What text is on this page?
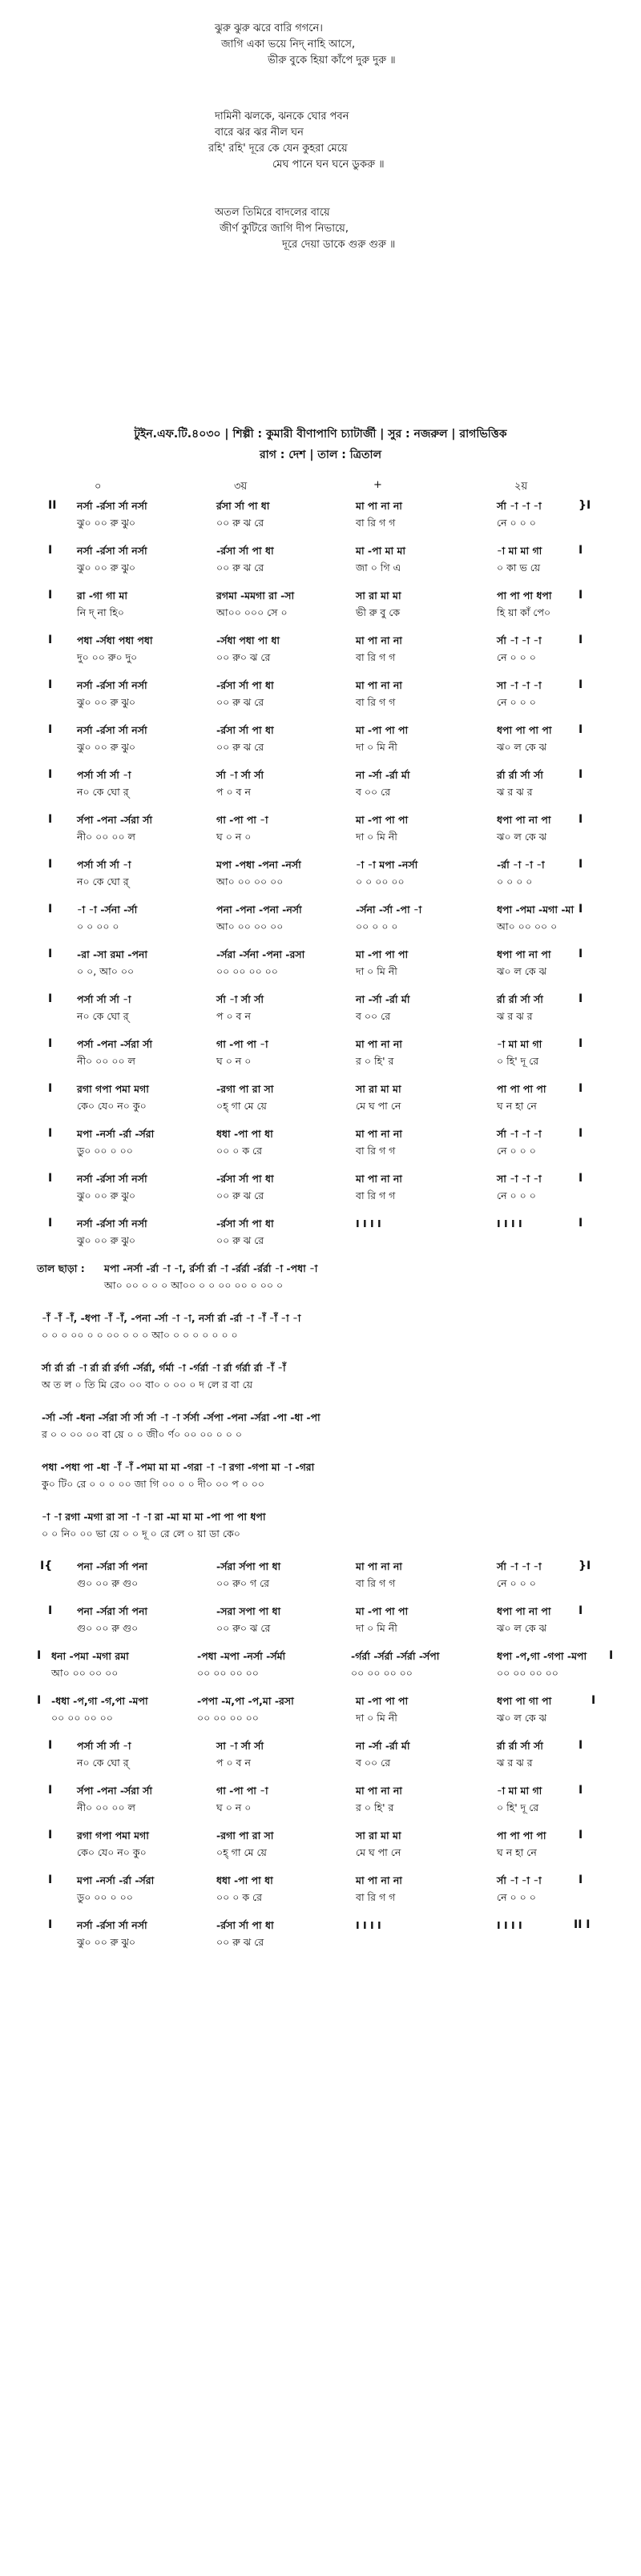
ঝুরু ঝুরু ঝরে বারি গগনে।
জাগি একা ভয়ে নিদ্ নাহি আসে,
ভীরু বুকে হিয়া কাঁপে দুরু দুরু ॥
দামিনী ঝলকে, ঝনকে ঘোর পবন
বারে ঝর ঝর নীল ঘন
রহি' রহি' দূরে কে যেন কুহরা মেয়ে
মেঘ পানে ঘন ঘনে ডুকরু ॥
অতল তিমিরে বাদলের বায়ে
জীর্ণ কুটিরে জাগি দীপ নিভায়ে,
দূরে দেয়া ডাকে গুরু গুরু ॥
টুইন.এফ.টি.৪০৩০ | শিল্পী : কুমারী বীণাপাণি চ্যাটার্জী | সুর : নজরুল | রাগভিত্তিক
রাগ : দেশ | তাল : ত্রিতাল
০	৩য়	+	২য়
II নর্সা -র্রসা র্সা নর্সা	র্রসা র্সা পা ধা	মা পা না না	র্সা -া -া -া	}I
ঝু০ ০০ রু ঝু০	০০ রু ঝ রে	বা রি গ গ	নে ০ ০ ০
I নর্সা -র্রসা র্সা নর্সা	-র্রসা র্সা পা ধা	মা -পা মা মা	-া মা মা গা	I
ঝু০ ০০ রু ঝু০	০০ রু ঝ রে	জা ০ গি এ	০ কা ভ য়ে
I রা -গা গা মা	রগমা -মমগা রা -সা	সা রা মা মা	পা পা পা ধপা I
নি দ্ না হি০	আ০০ ০০০ সে ০	ভী রু বু কে	হি য়া কাঁ পে০
I পধা -র্সধা পধা পধা	-র্সধা পধা পা ধা	মা পা না না	র্সা -া -া -া	I
দু০ ০০ রু০ দু০	০০ রু০ ঝ রে	বা রি গ গ	নে ০ ০ ০
I নর্সা -র্রসা র্সা নর্সা	-র্রসা র্সা পা ধা	মা পা না না	সা -া -া -া	I
ঝু০ ০০ রু ঝু০	০০ রু ঝ রে	বা রি গ গ	নে ০ ০ ০
I নর্সা -র্রসা র্সা নর্সা	-র্রসা র্সা পা ধা	মা -পা পা পা	ধপা পা পা পা I
ঝু০ ০০ রু ঝু০	০০ রু ঝ রে	দা ০ মি নী	ঝ০ ল কে ঝ
I পর্সা র্সা র্সা -া	র্সা -া র্সা র্সা	না -র্সা -র্রা র্মা	র্রা র্রা র্সা র্সা	I
ন০ কে ঘো র্	প ০ ব ন	ব ০০ রে	ঝ র ঝ র
I র্সপা -পনা -র্সরা র্সা	গা -পা পা -া	মা -পা পা পা	ধপা পা না পা I
নী০ ০০ ০০ ল	ঘ ০ ন ০	দা ০ মি নী	ঝ০ ল কে ঝ
I পর্সা র্সা র্সা -া	মপা -পধা -পনা -নর্সা	-া -া মপা -নর্সা	-র্রা -া -া -া	I
ন০ কে ঘো র্	আ০ ০০ ০০ ০০	০ ০ ০০ ০০	০ ০ ০ ০
I -া -া -র্সনা -র্সা	পনা -পনা -পনা -নর্সা	-র্সনা -র্সা -পা -া	ধপা -পমা -মগা -মা I
০ ০ ০০ ০	আ০ ০০ ০০ ০০	০০ ০ ০ ০	আ০ ০০ ০০ ০
I -রা -সা রমা -পনা	-র্সরা -র্সনা -পনা -রসা	মা -পা পা পা	ধপা পা না পা I
০ ০, আ০ ০০	০০ ০০ ০০ ০০	দা ০ মি নী	ঝ০ ল কে ঝ
I পর্সা র্সা র্সা -া	র্সা -া র্সা র্সা	না -র্সা -র্রা র্মা	র্রা র্রা র্সা র্সা	I
ন০ কে ঘো র্	প ০ ব ন	ব ০০ রে	ঝ র ঝ র
I পর্সা -পনা -র্সরা র্সা	গা -পা পা -া	মা পা না না	-া মা মা গা	I
নী০ ০০ ০০ ল	ঘ ০ ন ০	র ০ হি' র	০ হি' দূ রে
I রগা গপা পমা মগা	-রগা পা রা সা	সা রা মা মা	পা পা পা পা	I
কে০ যে০ ন০ কু০	০হ্ গা মে য়ে	মে ঘ পা নে	ঘ ন হা নে
I মপা -নর্সা -র্রা -র্সরা	ধধা -পা পা ধা	মা পা না না	র্সা -া -া -া	I
ডু০ ০০ ০ ০০	০০ ০ ক রে	বা রি গ গ	নে ০ ০ ০
I নর্সা -র্রসা র্সা নর্সা	-র্রসা র্সা পা ধা	মা পা না না	সা -া -া -া	I
ঝু০ ০০ রু ঝু০	০০ রু ঝ রে	বা রি গ গ	নে ০ ০ ০
I নর্সা -র্রসা র্সা নর্সা	-র্রসা র্সা পা ধা	I I I I	I I I I	I
ঝু০ ০০ রু ঝু০	০০ রু ঝ রে
তাল ছাড়া : মপা -নর্সা -র্রা -া -া, র্রর্সা র্রা -া -র্রর্রা -র্রর্রা -া -পধা -া
আ০ ০০ ০ ০ ০ আ০০ ০ ০ ০০ ০০ ০ ০০ ০
-াঁ -াঁ -াঁ, -ধপা -াঁ -াঁ, -পনা -র্সা -া -া, নর্সা র্রা -র্রা -া -াঁ -াঁ -া -া
০ ০ ০ ০০ ০ ০ ০০ ০ ০ ০ আ০ ০ ০ ০ ০ ০ ০ ০
র্সা র্রা র্রা -া র্রা র্রা র্রর্গা -র্সর্রা, র্গর্মা -া -র্গর্রা -া র্রা র্গর্রা র্রা -াঁ -াঁ
অ ত ল ০ তি মি রে০ ০০ বা০ ০ ০০ ০ দ লে র বা য়ে
-র্সা -র্সা -ধনা -র্সরা র্সা র্সা র্সা -া -া র্সর্সা -র্সপা -পনা -র্সরা -পা -ধা -পা
র ০ ০ ০০ ০০ বা য়ে ০ ০ জী০ র্ণ০ ০০ ০০ ০ ০ ০
পধা -পধা পা -ধা -াঁ -াঁ -পমা মা মা -গরা -া -া রগা -গপা মা -া -গরা
কু০ টি০ রে ০ ০ ০ ০০ জা গি ০০ ০ ০ দী০ ০০ প ০ ০০
-া -া রগা -মগা রা সা -া -া রা -মা মা মা -পা পা পা ধপা
০ ০ নি০ ০০ ভা য়ে ০ ০ দূ ০ রে লে ০ য়া ডা কে০
I{ পনা -র্সরা র্সা পনা	-র্সরা র্সপা পা ধা	মা পা না না	র্সা -া -া -া	}I
গু০ ০০ রু গু০	০০ রু০ গ রে	বা রি গ গ	নে ০ ০ ০
I পনা -র্সরা র্সা পনা	-সরা সপা পা ধা	মা -পা পা পা	ধপা পা না পা I
গু০ ০০ রু গু০	০০ রু০ ঝ রে	দা ০ মি নী	ঝ০ ল কে ঝ
I ধনা -পমা -মগা রমা	-পধা -মপা -নর্সা -র্সর্মা	-র্গর্রা -র্সর্রা -র্সর্রা -র্সপা	ধপা -প,গা -গপা -মপা I
আ০ ০০ ০০ ০০	০০ ০০ ০০ ০০	০০ ০০ ০০ ০০	০০ ০০ ০০ ০০
I -ধধা -প,গা -গ,পা -মপা	-পপা -ম,পা -প,মা -রসা	মা -পা পা পা	ধপা পা গা পা	I
০০ ০০ ০০ ০০	০০ ০০ ০০ ০০	দা ০ মি নী	ঝ০ ল কে ঝ
I পর্সা র্সা র্সা -া	সা -া র্সা র্সা	না -র্সা -র্রা র্মা	র্রা র্রা র্সা র্সা	I
ন০ কে ঘো র্	প ০ ব ন	ব ০০ রে	ঝ র ঝ র
I র্সপা -পনা -র্সরা র্সা	গা -পা পা -া	মা পা না না	-া মা মা গা	I
নী০ ০০ ০০ ল	ঘ ০ ন ০	র ০ হি' র	০ হি' দূ রে
I রগা গপা পমা মগা	-রগা পা রা সা	সা রা মা মা	পা পা পা পা	I
কে০ যে০ ন০ কু০	০হ্ গা মে য়ে	মে ঘ পা নে	ঘ ন হা নে
I মপা -নর্সা -র্রা -র্সরা	ধধা -পা পা ধা	মা পা না না	র্সা -া -া -া	I
ডু০ ০০ ০ ০০	০০ ০ ক রে	বা রি গ গ	নে ০ ০ ০
I নর্সা -র্রসা র্সা নর্সা	-র্রসা র্সা পা ধা	I I I I	I I I I	II I
ঝু০ ০০ রু ঝু০	০০ রু ঝ রে
